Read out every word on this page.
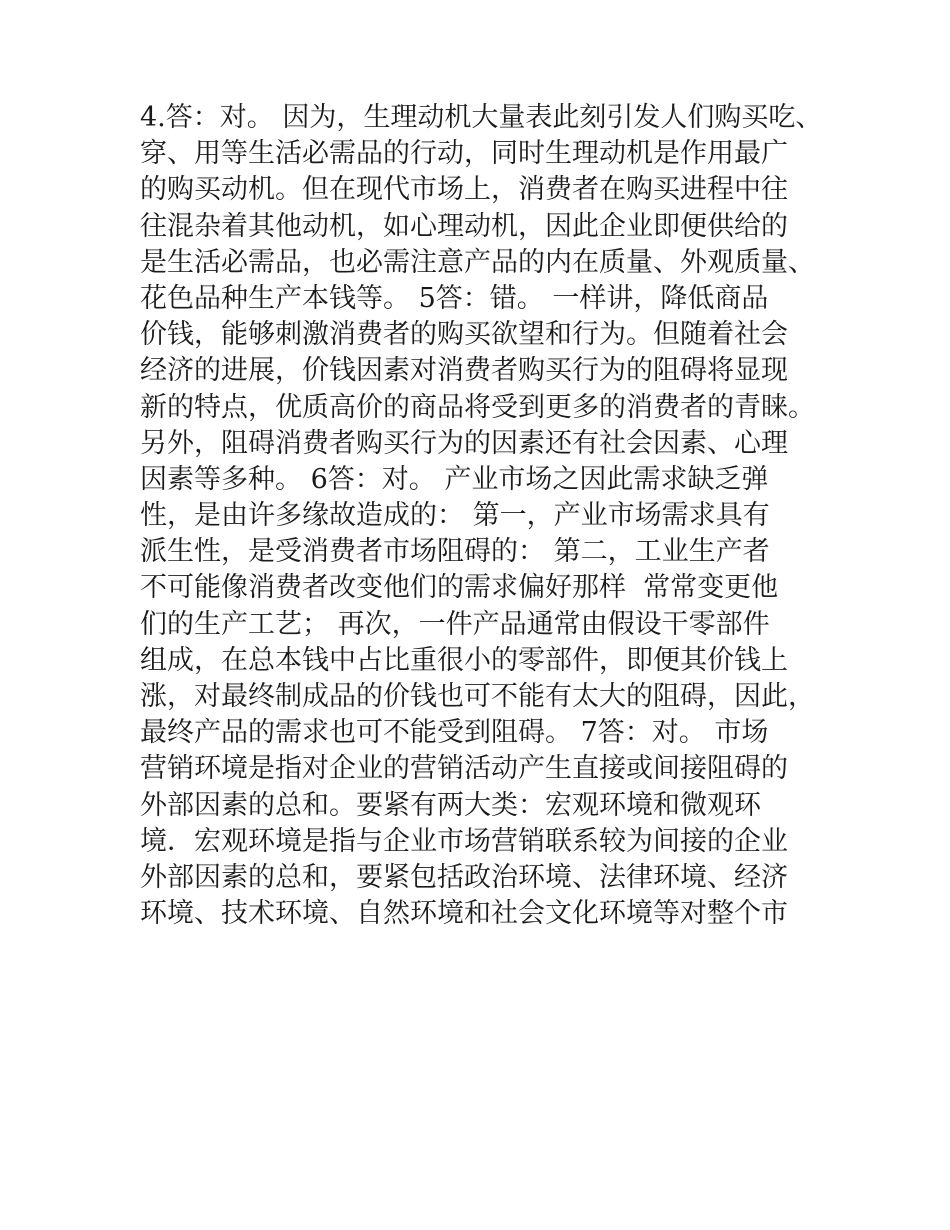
4.答：对。 因为，生理动机大量表此刻引发人们购买吃、
穿、用等生活必需品的行动，同时生理动机是作用最广
的购买动机。但在现代市场上，消费者在购买进程中往
往混杂着其他动机，如心理动机，因此企业即便供给的
是生活必需品，也必需注意产品的内在质量、外观质量、
花色品种生产本钱等。 5答：错。 一样讲，降低商品
价钱，能够刺激消费者的购买欲望和行为。但随着社会
经济的进展，价钱因素对消费者购买行为的阻碍将显现
新的特点，优质高价的商品将受到更多的消费者的青睐。
另外，阻碍消费者购买行为的因素还有社会因素、心理
因素等多种。 6答：对。 产业市场之因此需求缺乏弹
性，是由许多缘故造成的： 第一，产业市场需求具有
派生性，是受消费者市场阻碍的： 第二，工业生产者
不可能像消费者改变他们的需求偏好那样  常常变更他
们的生产工艺； 再次，一件产品通常由假设干零部件
组成，在总本钱中占比重很小的零部件，即便其价钱上
涨，对最终制成品的价钱也可不能有太大的阻碍，因此，
最终产品的需求也可不能受到阻碍。 7答：对。 市场
营销环境是指对企业的营销活动产生直接或间接阻碍的
外部因素的总和。要紧有两大类：宏观环境和微观环
境．宏观环境是指与企业市场营销联系较为间接的企业
外部因素的总和，要紧包括政治环境、法律环境、经济
环境、技术环境、自然环境和社会文化环境等对整个市
